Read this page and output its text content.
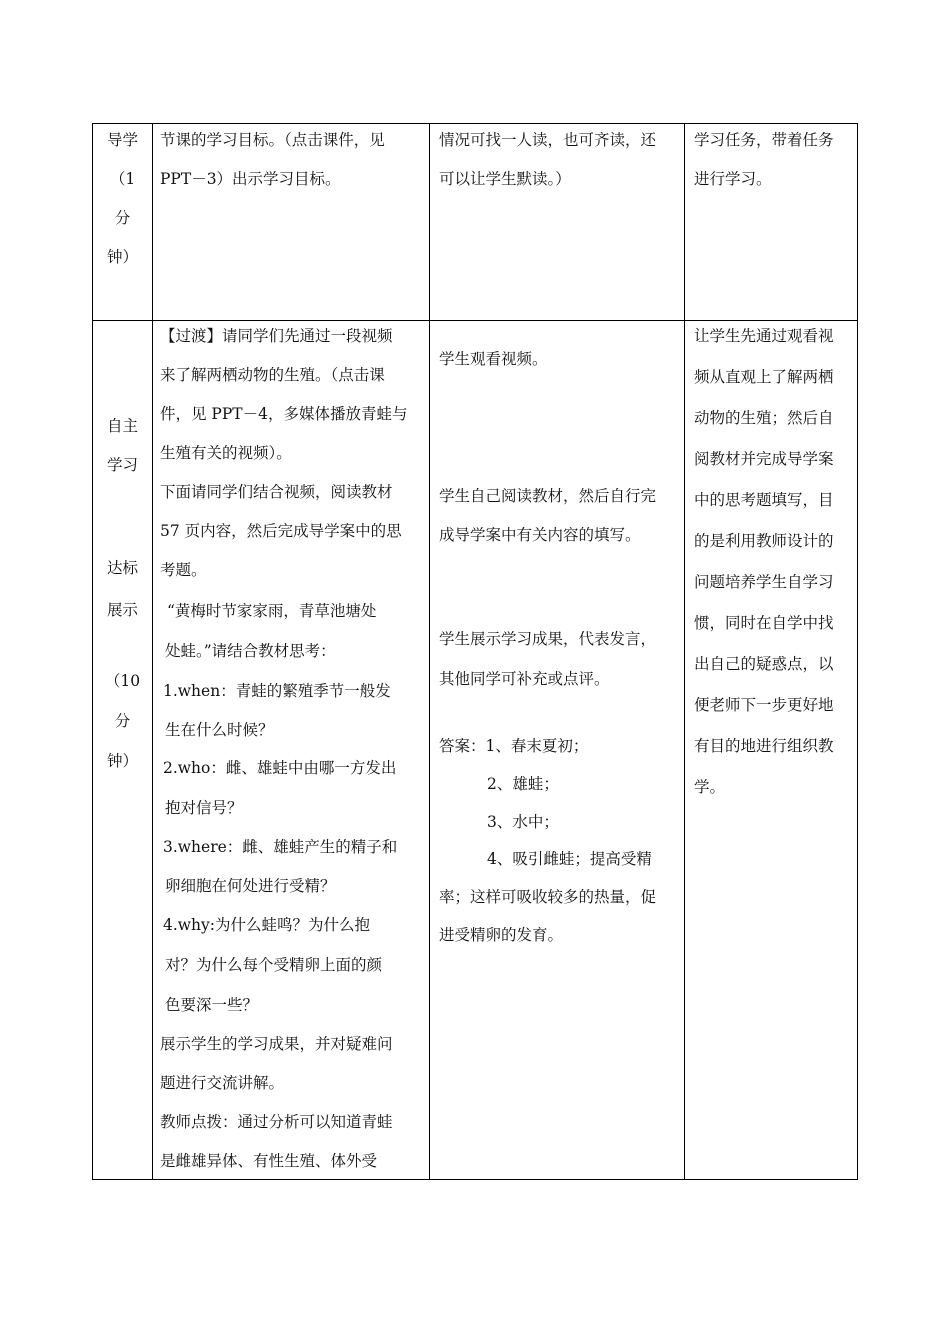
导学
（1
分
钟）
节课的学习目标。（点击课件，见
PPT－3）出示学习目标。
情况可找一人读，也可齐读，还
可以让学生默读。）
学习任务，带着任务
进行学习。
自主
学习
达标
展示
（10
分
钟）
【过渡】请同学们先通过一段视频
来了解两栖动物的生殖。（点击课
件，见 PPT－4，多媒体播放青蛙与
生殖有关的视频）。
下面请同学们结合视频，阅读教材
57 页内容，然后完成导学案中的思
考题。
“黄梅时节家家雨，青草池塘处
处蛙。”请结合教材思考：
1.when：青蛙的繁殖季节一般发
生在什么时候？
2.who：雌、雄蛙中由哪一方发出
抱对信号？
3.where：雌、雄蛙产生的精子和
卵细胞在何处进行受精？
4.why:为什么蛙鸣？为什么抱
对？为什么每个受精卵上面的颜
色要深一些？
展示学生的学习成果，并对疑难问
题进行交流讲解。
教师点拨：通过分析可以知道青蛙
是雌雄异体、有性生殖、体外受
学生观看视频。
学生自己阅读教材，然后自行完
成导学案中有关内容的填写。
学生展示学习成果，代表发言，
其他同学可补充或点评。
答案：1、春末夏初；
2、雄蛙；
3、水中；
4、吸引雌蛙；提高受精
率；这样可吸收较多的热量，促
进受精卵的发育。
让学生先通过观看视
频从直观上了解两栖
动物的生殖；然后自
阅教材并完成导学案
中的思考题填写，目
的是利用教师设计的
问题培养学生自学习
惯，同时在自学中找
出自己的疑惑点，以
便老师下一步更好地
有目的地进行组织教
学。
